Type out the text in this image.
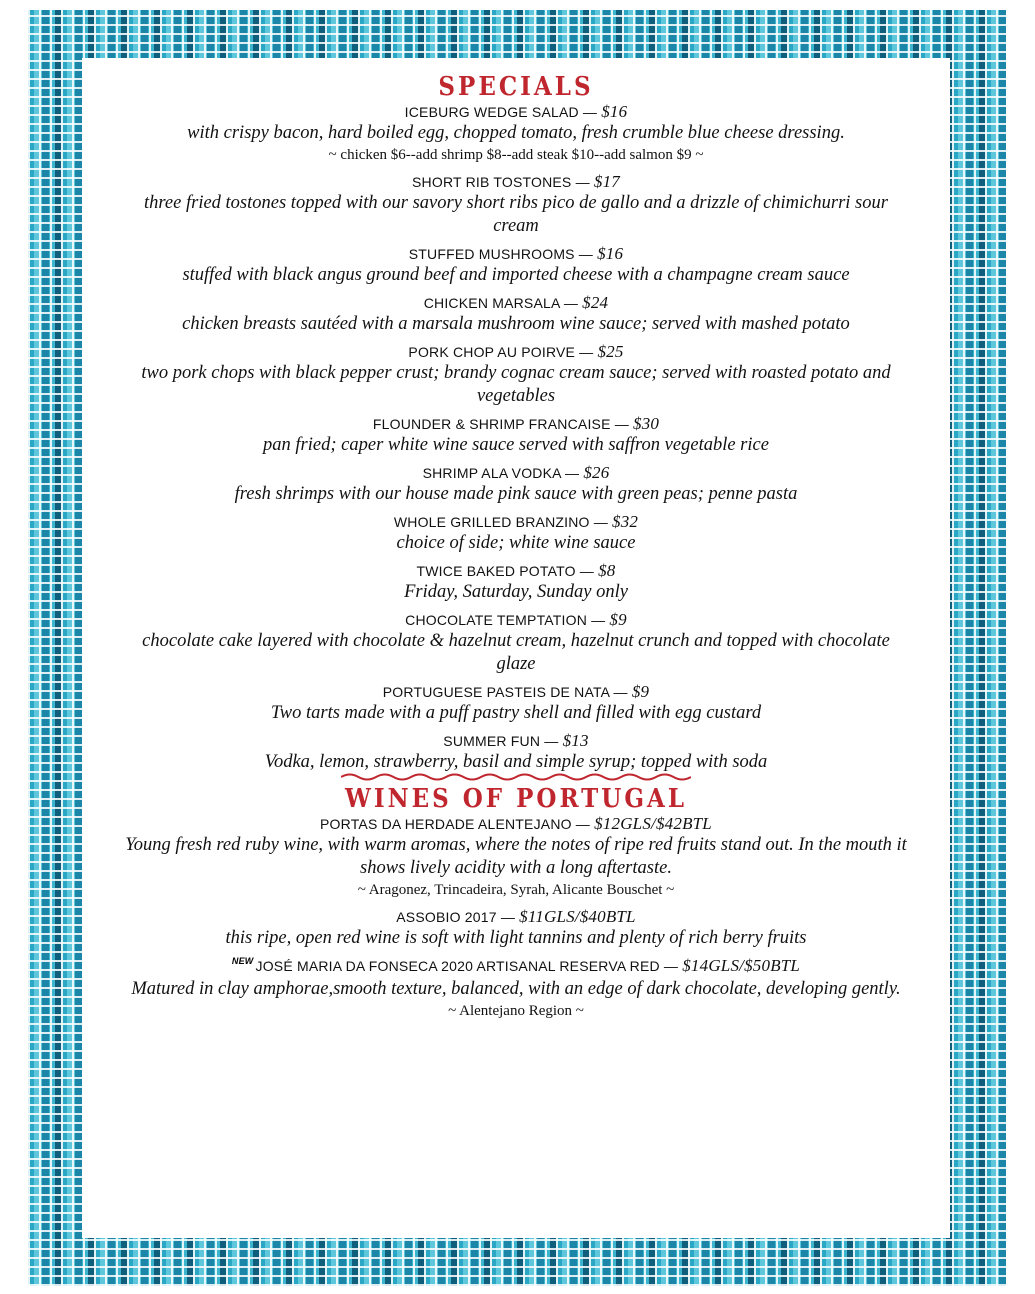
SPECIALS
ICEBURG WEDGE SALAD — $16
with crispy bacon, hard boiled egg, chopped tomato, fresh crumble blue cheese dressing.
~ chicken $6--add shrimp $8--add steak $10--add salmon $9 ~
SHORT RIB TOSTONES — $17
three fried tostones topped with our savory short ribs pico de gallo and a drizzle of chimichurri sour cream
STUFFED MUSHROOMS — $16
stuffed with black angus ground beef and imported cheese with a champagne cream sauce
CHICKEN MARSALA — $24
chicken breasts sautéed with a marsala mushroom wine sauce; served with mashed potato
PORK CHOP AU POIRVE — $25
two pork chops with black pepper crust; brandy cognac cream sauce; served with roasted potato and vegetables
FLOUNDER & SHRIMP FRANCAISE — $30
pan fried; caper white wine sauce served with saffron vegetable rice
SHRIMP ALA VODKA — $26
fresh shrimps with our house made pink sauce with green peas; penne pasta
WHOLE GRILLED BRANZINO — $32
choice of side; white wine sauce
TWICE BAKED POTATO — $8
Friday, Saturday, Sunday only
CHOCOLATE TEMPTATION — $9
chocolate cake layered with chocolate & hazelnut cream, hazelnut crunch and topped with chocolate glaze
PORTUGUESE PASTEIS DE NATA — $9
Two tarts made with a puff pastry shell and filled with egg custard
SUMMER FUN — $13
Vodka, lemon, strawberry, basil and simple syrup; topped with soda
WINES OF PORTUGAL
PORTAS DA HERDADE ALENTEJANO — $12GLS/$42BTL
Young fresh red ruby wine, with warm aromas, where the notes of ripe red fruits stand out. In the mouth it shows lively acidity with a long aftertaste.
~ Aragonez, Trincadeira, Syrah, Alicante Bouschet ~
ASSOBIO 2017 — $11GLS/$40BTL
this ripe, open red wine is soft with light tannins and plenty of rich berry fruits
$^{NEW}$ JOSÉ MARIA DA FONSECA 2020 ARTISANAL RESERVA RED — $14GLS/$50BTL
Matured in clay amphorae,smooth texture, balanced, with an edge of dark chocolate, developing gently.
~ Alentejano Region ~
